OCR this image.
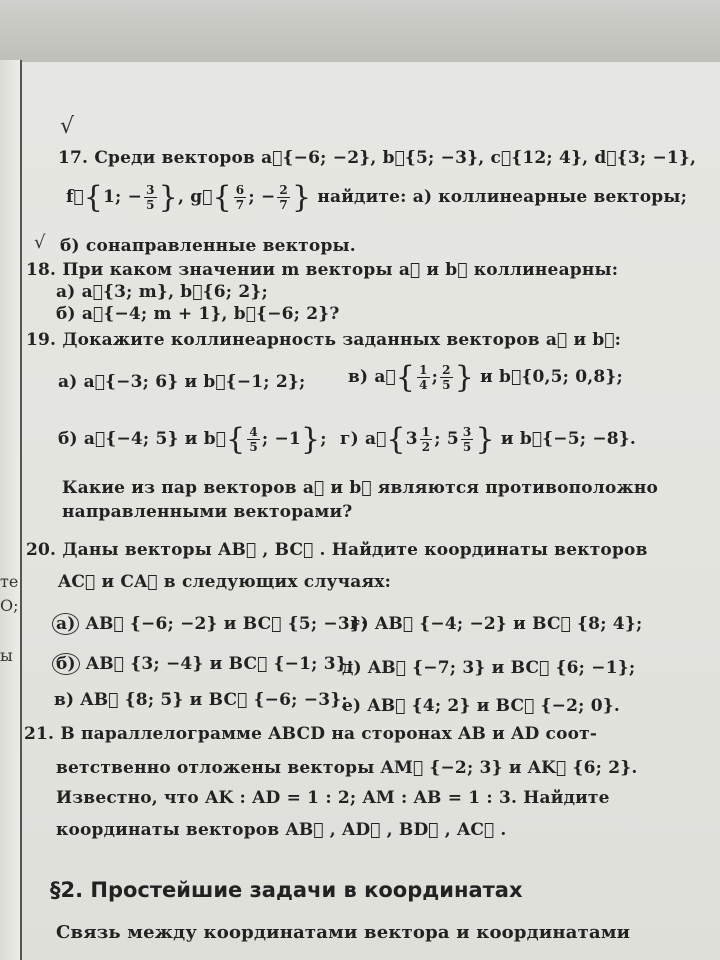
те
О;
ы
√
17. Среди векторов a⃗{−6; −2}, b⃗{5; −3}, c⃗{12; 4}, d⃗{3; −1},
f⃗{1; − $\frac{3}{5}$ }, g⃗{ $\frac{6}{7}$ ; − $\frac{2}{7}$ } найдите: а) коллинеарные векторы;
√ б) сонаправленные векторы.
18. При каком значении m векторы a⃗ и b⃗ коллинеарны:
а) a⃗{3; m}, b⃗{6; 2};
б) a⃗{−4; m + 1}, b⃗{−6; 2}?
19. Докажите коллинеарность заданных векторов a⃗ и b⃗:
а) a⃗{−3; 6} и b⃗{−1; 2}; в) a⃗{ $\frac{1}{4}$ ; $\frac{2}{5}$ } и b⃗{0,5; 0,8};
б) a⃗{−4; 5} и b⃗{ $\frac{4}{5}$ ; −1}; г) a⃗{3 $\frac{1}{2}$ ; $5 \frac{3}{5}$ } и b⃗{−5; −8}.
Какие из пар векторов a⃗ и b⃗ являются противоположно
направленными векторами?
20. Даны векторы AB⃗ , BC⃗ . Найдите координаты векторов
AC⃗ и CA⃗ в следующих случаях:
а) AB⃗ {−6; −2} и BC⃗ {5; −3};
г) AB⃗ {−4; −2} и BC⃗ {8; 4};
б) AB⃗ {3; −4} и BC⃗ {−1; 3};
д) AB⃗ {−7; 3} и BC⃗ {6; −1};
в) AB⃗ {8; 5} и BC⃗ {−6; −3};
е) AB⃗ {4; 2} и BC⃗ {−2; 0}.
21. В параллелограмме ABCD на сторонах AB и AD соот-
ветственно отложены векторы AM⃗ {−2; 3} и AK⃗ {6; 2}.
Известно, что AK : AD = 1 : 2; AM : AB = 1 : 3. Найдите
координаты векторов AB⃗ , AD⃗ , BD⃗ , AC⃗ .
§2. Простейшие задачи в координатах
Связь между координатами вектора и координатами
